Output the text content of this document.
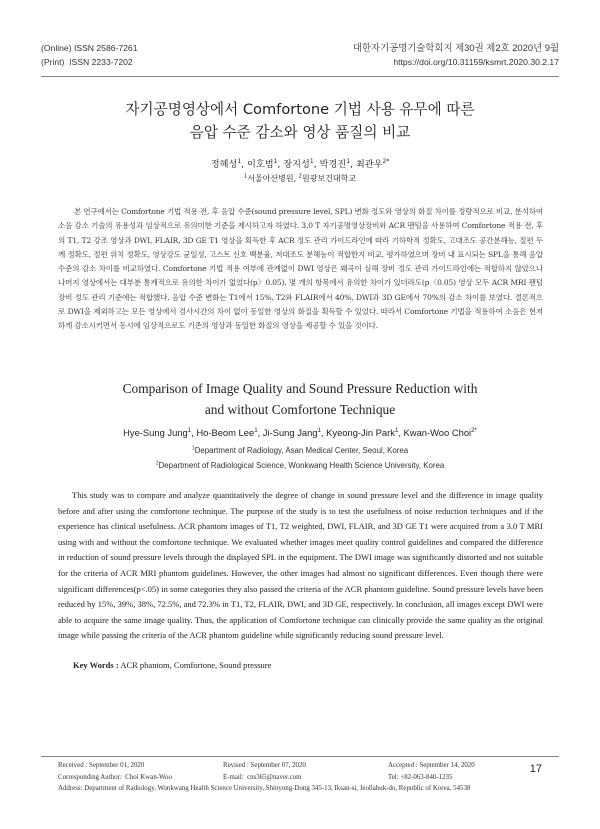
(Online) ISSN 2586-7261	대한자기공명기술학회지 제30권 제2호 2020년 9월
(Print)  ISSN 2233-7202	https://doi.org/10.31159/ksmrt.2020.30.2.17
자기공명영상에서 Comfortone 기법 사용 유무에 따른
음압 수준 감소와 영상 품질의 비교
정혜성$^1$, 이호범$^1$, 장지성$^1$, 박경진$^1$, 최관우$^{2*}$
$^1$서울아산병원, $^2$원광보건대학교
본 연구에서는 Comfortone 기법 적용 전, 후 음압 수준(sound pressure level, SPL) 변화 정도와 영상의 화질 차이를 정량적으로 비교, 분석하여 소음 감소 기술의 유용성과 임상적으로 유의미한 기준을 제시하고자 하였다. 3.0 T 자기공명영상장비와 ACR 팬텀을 사용하여 Comfortone 적용 전, 후의 T1, T2 강조 영상과 DWI, FLAIR, 3D GE T1 영상을 획득한 후 ACR 정도 관리 가이드라인에 따라 기하학적 정확도, 고대조도 공간분해능, 절편 두께 정확도, 절편 위치 정확도, 영상강도 균일성, 고스트 신호 백분율, 저대조도 분해능이 적합한지 비교, 평가하였으며 장비 내 표시되는 SPL을 통해 음압 수준의 감소 차이를 비교하였다. Comfortone 기법 적용 여부에 관계없이 DWI 영상은 왜곡이 심해 장비 정도 관리 가이드라인에는 적합하지 않았으나 나머지 영상에서는 대부분 통계적으로 유의한 차이가 없었다(p〉0.05). 몇 개의 항목에서 유의한 차이가 있더라도(p〈0.05) 영상 모두 ACR MRI 팬텀 장비 정도 관리 기준에는 적합했다. 음압 수준 변화는 T1에서 15%, T2와 FLAIR에서 40%, DWI과 3D GE에서 70%의 감소 차이를 보였다. 결론적으로 DWI을 제외하고는 모든 영상에서 검사시간의 차이 없이 동일한 영상의 화질을 획득할 수 있었다. 따라서 Comfortone 기법을 적용하여 소음은 현저하게 감소시키면서 동시에 임상적으로도 기존의 영상과 동일한 화질의 영상을 제공할 수 있을 것이다.
Comparison of Image Quality and Sound Pressure Reduction with
and without Comfortone Technique
Hye-Sung Jung$^1$, Ho-Beom Lee$^1$, Ji-Sung Jang$^1$, Kyeong-Jin Park$^1$, Kwan-Woo Choi$^{2*}$
$^1$Department of Radiology, Asan Medical Center, Seoul, Korea
$^2$Department of Radiological Science, Wonkwang Health Science University, Korea
This study was to compare and analyze quantitatively the degree of change in sound pressure level and the difference in image quality before and after using the comfortone technique. The purpose of the study is to test the usefulness of noise reduction techniques and if the experience has clinical usefulness. ACR phantom images of T1, T2 weighted, DWI, FLAIR, and 3D GE T1 were acquired from a 3.0 T MRI using with and without the comfortone technique. We evaluated whether images meet quality control guidelines and compared the difference in reduction of sound pressure levels through the displayed SPL in the equipment. The DWI image was significantly distorted and not suitable for the criteria of ACR MRI phantom guidelines. However, the other images had almost no significant differences. Even though there were significant differences(p<.05) in some categories they also passed the criteria of the ACR phantom guideline. Sound pressure levels have been reduced by 15%, 39%, 38%, 72.5%, and 72.3% in T1, T2, FLAIR, DWI, and 3D GE, respectively. In conclusion, all images except DWI were able to acquire the same image quality. Thus, the application of Comfortone technique can clinically provide the same quality as the original image while passing the criteria of the ACR phantom guideline while significantly reducing sound pressure level.
Key Words : ACR phantom, Comfortone, Sound pressure
Received : September 01, 2020	Revised : September 07, 2020	Accepted : September 14, 2020
Corresponding Author:  Choi Kwan-Woo	E-mail:  cns365@naver.com	Tel: +82-063-840-1235
Address: Department of Radiology, Wonkwang Health Science University, Shinyong-Dong 345-13, Iksan-si, Jeollabuk-do, Republic of Korea, 54538
17
